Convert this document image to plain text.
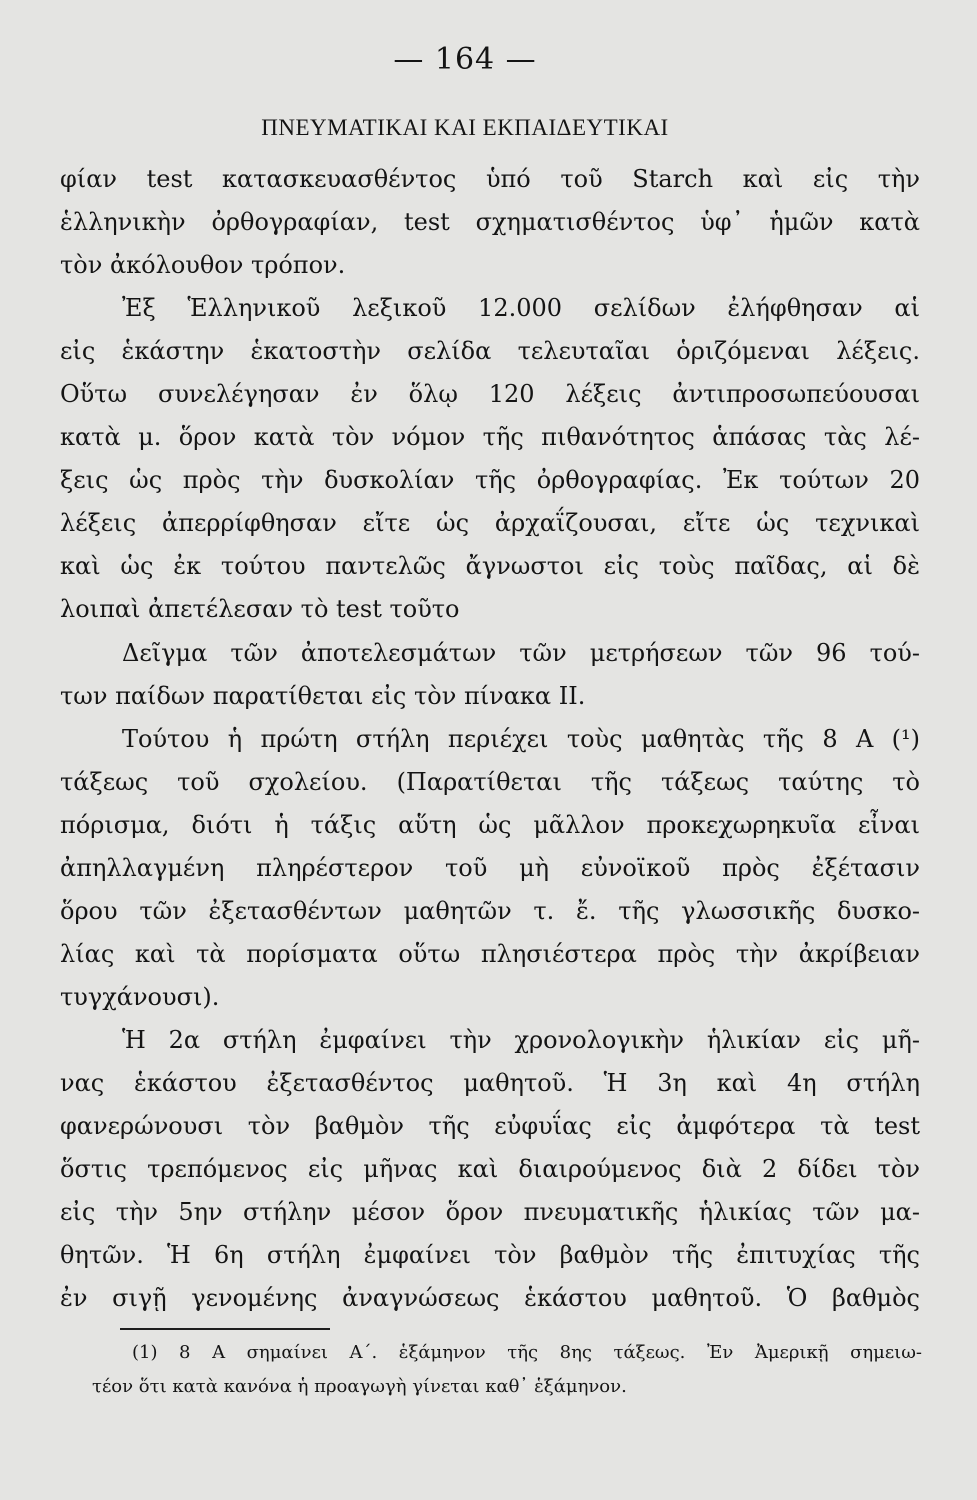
— 164 —
ΠΝΕΥΜΑΤΙΚΑΙ ΚΑΙ ΕΚΠΑΙΔΕΥΤΙΚΑΙ
φίαν test κατασκευασθέντος ὑπό τοῦ Starch καὶ εἰς τὴν
ἑλληνικὴν ὀρθογραφίαν, test σχηματισθέντος ὑφ᾽ ἡμῶν κατὰ
τὸν ἀκόλουθον τρόπον.
Ἐξ Ἑλληνικοῦ λεξικοῦ 12.000 σελίδων ἐλήφθησαν αἱ
εἰς ἑκάστην ἑκατοστὴν σελίδα τελευταῖαι ὁριζόμεναι λέξεις.
Οὕτω συνελέγησαν ἐν ὅλῳ 120 λέξεις ἀντιπροσωπεύουσαι
κατὰ μ. ὅρον κατὰ τὸν νόμον τῆς πιθανότητος ἁπάσας τὰς λέ-
ξεις ὡς πρὸς τὴν δυσκολίαν τῆς ὀρθογραφίας. Ἐκ τούτων 20
λέξεις ἀπερρίφθησαν εἴτε ὡς ἀρχαΐζουσαι, εἴτε ὡς τεχνικαὶ
καὶ ὡς ἐκ τούτου παντελῶς ἄγνωστοι εἰς τοὺς παῖδας, αἱ δὲ
λοιπαὶ ἀπετέλεσαν τὸ test τοῦτο
Δεῖγμα τῶν ἀποτελεσμάτων τῶν μετρήσεων τῶν 96 τού-
των παίδων παρατίθεται εἰς τὸν πίνακα ΙΙ.
Τούτου ἡ πρώτη στήλη περιέχει τοὺς μαθητὰς τῆς 8 Α (¹)
τάξεως τοῦ σχολείου. (Παρατίθεται τῆς τάξεως ταύτης τὸ
πόρισμα, διότι ἡ τάξις αὕτη ὡς μᾶλλον προκεχωρηκυῖα εἶναι
ἀπηλλαγμένη πληρέστερον τοῦ μὴ εὐνοϊκοῦ πρὸς ἐξέτασιν
ὅρου τῶν ἐξετασθέντων μαθητῶν τ. ἔ. τῆς γλωσσικῆς δυσκο-
λίας καὶ τὰ πορίσματα οὕτω πλησιέστερα πρὸς τὴν ἀκρίβειαν
τυγχάνουσι).
Ἡ 2α στήλη ἐμφαίνει τὴν χρονολογικὴν ἡλικίαν εἰς μῆ-
νας ἑκάστου ἐξετασθέντος μαθητοῦ. Ἡ 3η καὶ 4η στήλη
φανερώνουσι τὸν βαθμὸν τῆς εὐφυΐας εἰς ἀμφότερα τὰ test
ὅστις τρεπόμενος εἰς μῆνας καὶ διαιρούμενος διὰ 2 δίδει τὸν
εἰς τὴν 5ην στήλην μέσον ὅρον πνευματικῆς ἡλικίας τῶν μα-
θητῶν. Ἡ 6η στήλη ἐμφαίνει τὸν βαθμὸν τῆς ἐπιτυχίας τῆς
ἐν σιγῇ γενομένης ἀναγνώσεως ἑκάστου μαθητοῦ. Ὁ βαθμὸς
(1) 8 Α σημαίνει Α΄. ἑξάμηνον τῆς 8ης τάξεως. Ἐν Ἀμερικῇ σημειω-
τέον ὅτι κατὰ κανόνα ἡ προαγωγὴ γίνεται καθ᾽ ἑξάμηνον.
